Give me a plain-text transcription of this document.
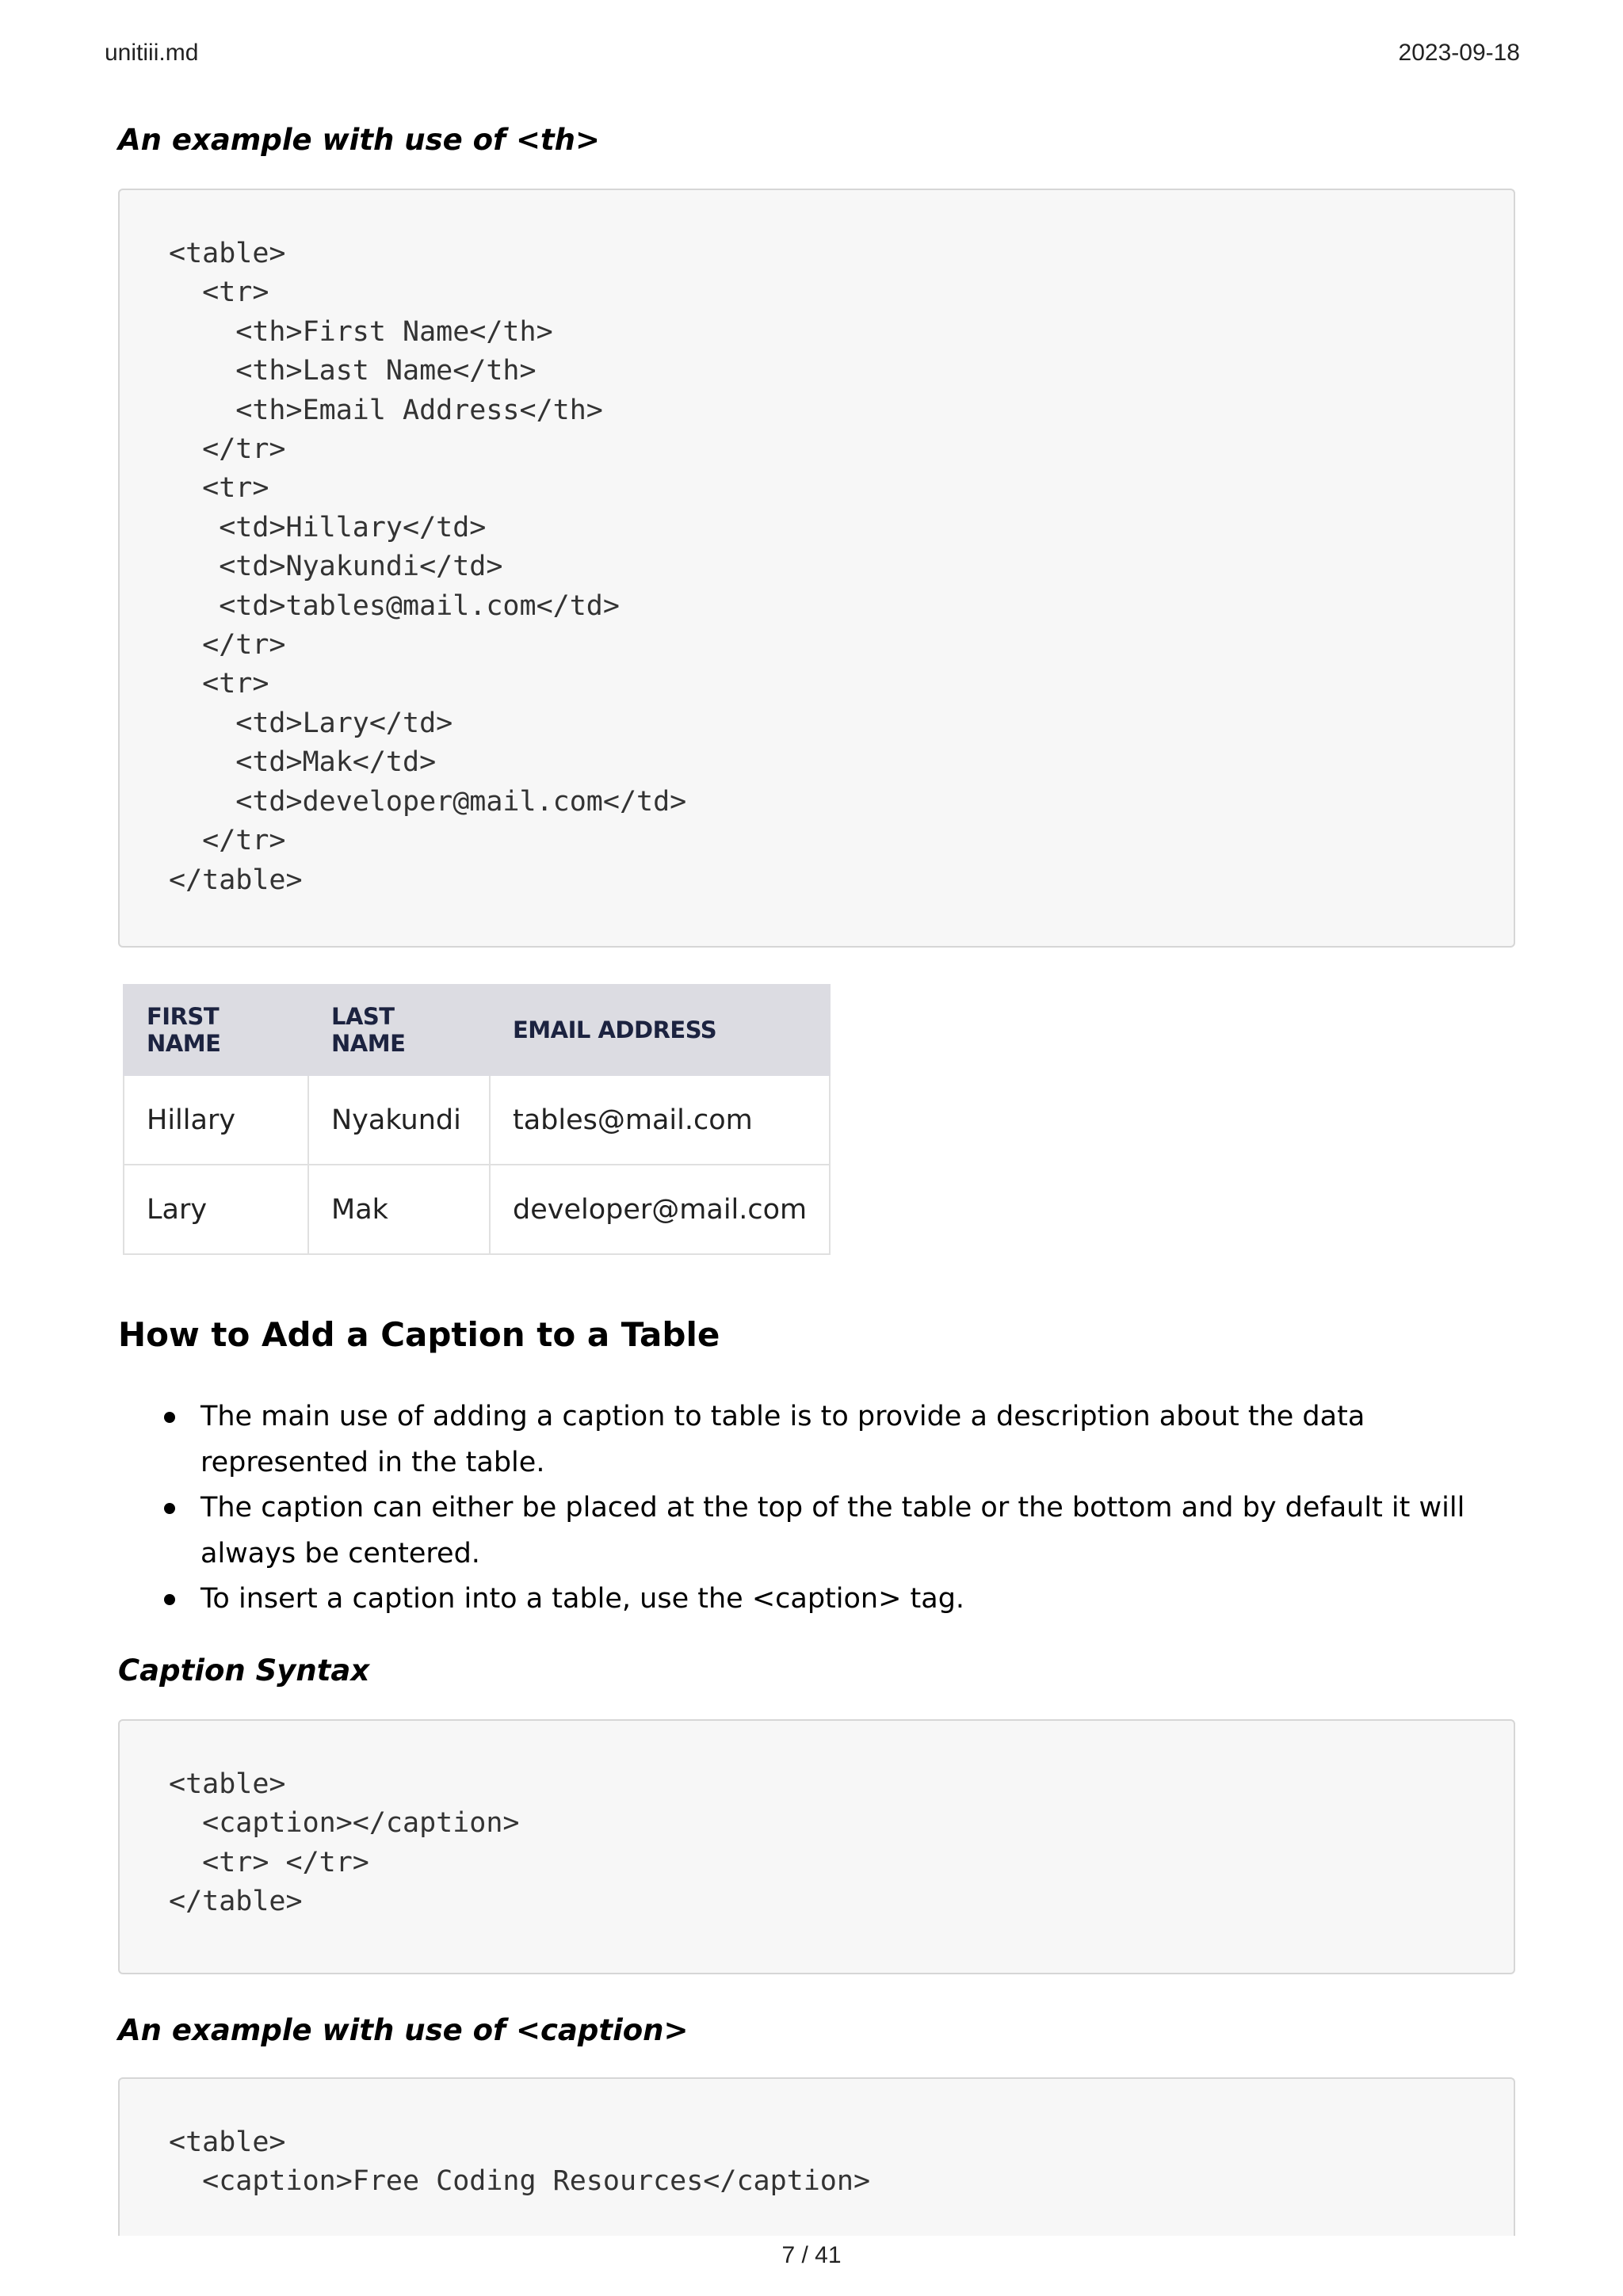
unitiii.md	2023-09-18
An example with use of <th>
<table>
<tr>
<th>First Name</th>
<th>Last Name</th>
<th>Email Address</th>
</tr>
<tr>
<td>Hillary</td>
<td>Nyakundi</td>
<td>tables@mail.com</td>
</tr>
<tr>
<td>Lary</td>
<td>Mak</td>
<td>developer@mail.com</td>
</tr>
</table>
FIRST NAME	LAST NAME	EMAIL ADDRESS
Hillary	Nyakundi	tables@mail.com
Lary	Mak	developer@mail.com
How to Add a Caption to a Table
The main use of adding a caption to table is to provide a description about the data represented in the table.
The caption can either be placed at the top of the table or the bottom and by default it will always be centered.
To insert a caption into a table, use the <caption> tag.
Caption Syntax
<table>
<caption></caption>
<tr> </tr>
</table>
An example with use of <caption>
<table>
<caption>Free Coding Resources</caption>
7 / 41
